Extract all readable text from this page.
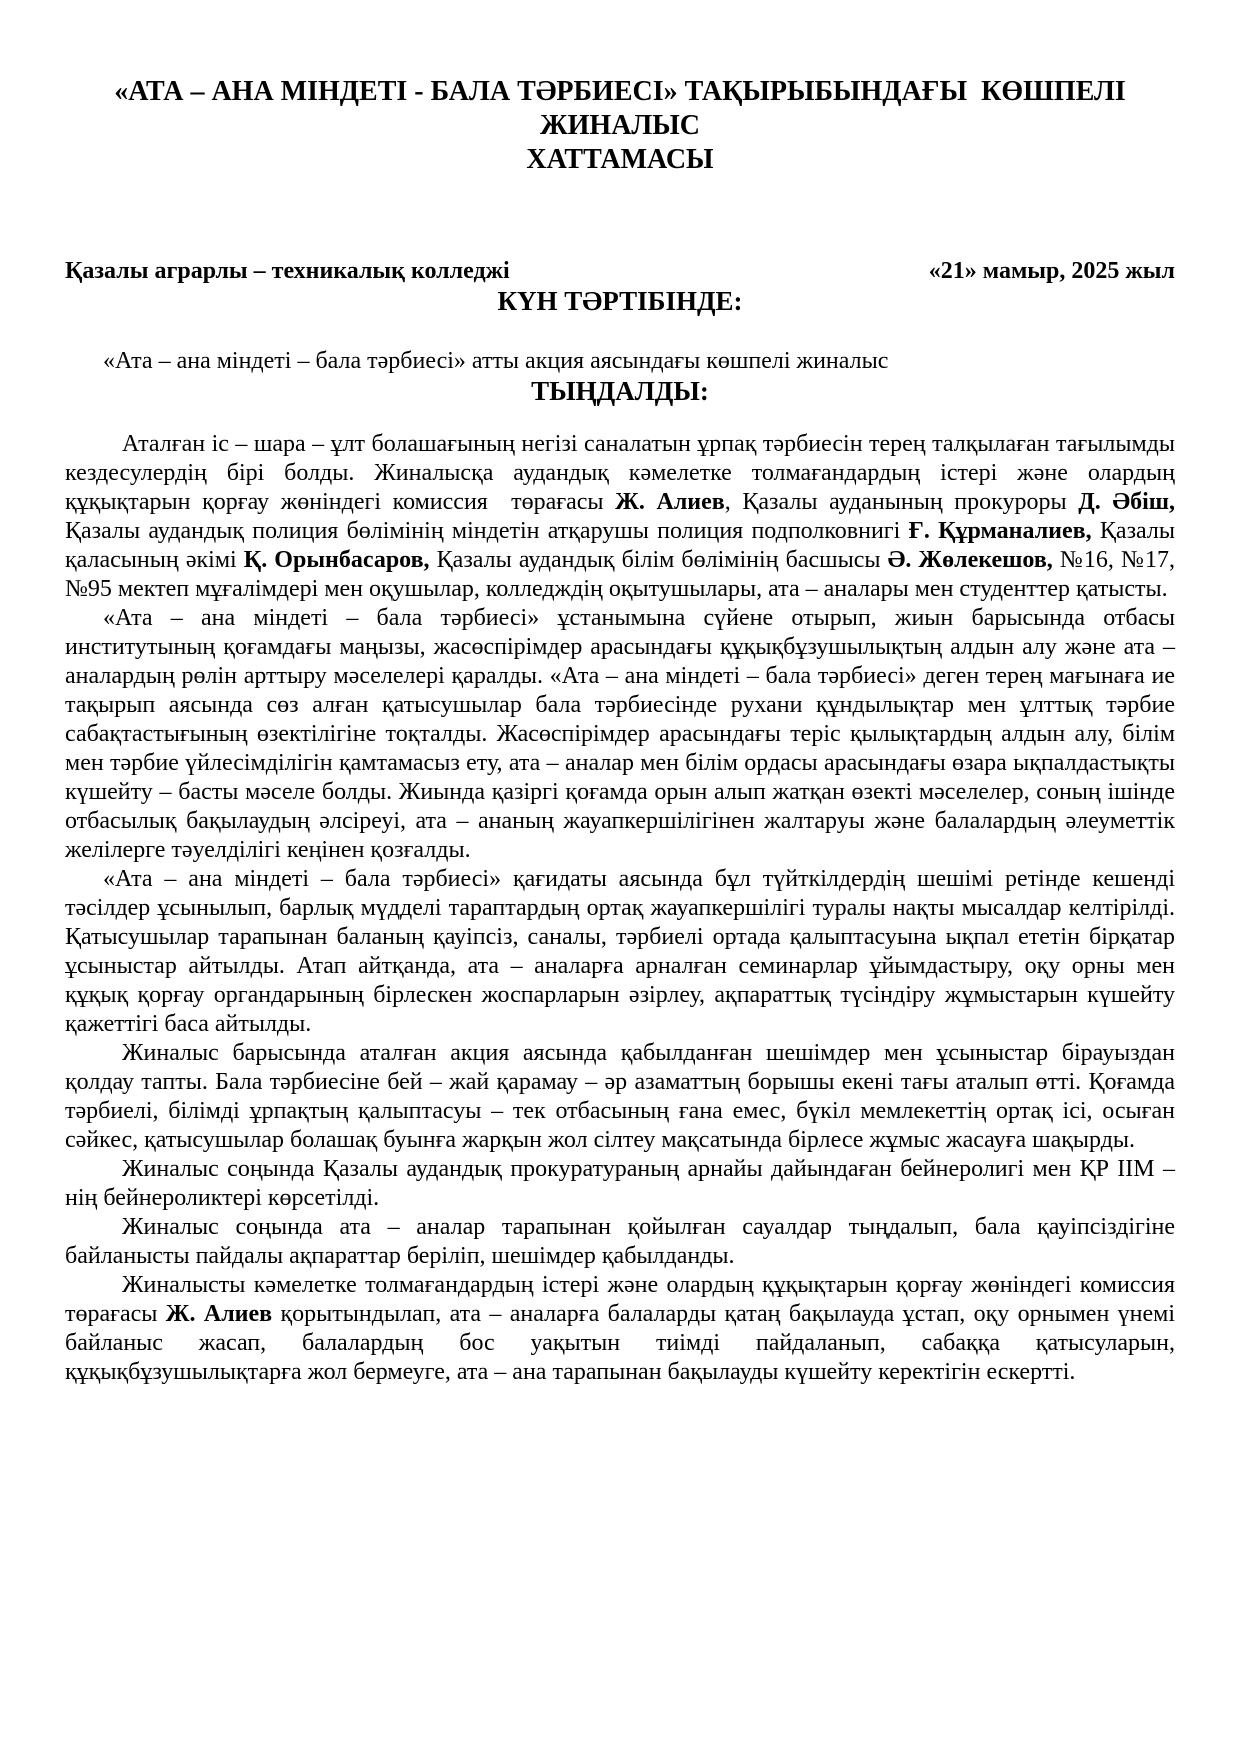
«АТА – АНА МІНДЕТІ - БАЛА ТӘРБИЕСІ» ТАҚЫРЫБЫНДАҒЫ  КӨШПЕЛІ ЖИНАЛЫС
ХАТТАМАСЫ
Қазалы аграрлы – техникалық колледжі	«21» мамыр, 2025 жыл
КҮН ТӘРТІБІНДЕ:

«Ата – ана міндеті – бала тәрбиесі» атты акция аясындағы көшпелі жиналыс

ТЫҢДАЛДЫ:

Аталған іс – шара – ұлт болашағының негізі саналатын ұрпақ тәрбиесін терең талқылаған тағылымды кездесулердің бірі болды. Жиналысқа аудандық кәмелетке толмағандардың істері және олардың құқықтарын қорғау жөніндегі комиссия  төрағасы Ж. Алиев, Қазалы ауданының прокуроры Д. Әбіш,  Қазалы аудандық полиция бөлімінің міндетін атқарушы полиция подполковнигі Ғ. Құрманалиев, Қазалы қаласының әкімі Қ. Орынбасаров, Қазалы аудандық білім бөлімінің басшысы Ә. Жөлекешов, №16, №17, №95 мектеп мұғалімдері мен оқушылар, колледждің оқытушылары, ата – аналары мен студенттер қатысты.

«Ата – ана міндеті – бала тәрбиесі» ұстанымына сүйене отырып, жиын барысында отбасы институтының қоғамдағы маңызы, жасөспірімдер арасындағы құқықбұзушылықтың алдын алу және ата – аналардың рөлін арттыру мәселелері қаралды. «Ата – ана міндеті – бала тәрбиесі» деген терең мағынаға ие тақырып аясында сөз алған қатысушылар бала тәрбиесінде рухани құндылықтар мен ұлттық тәрбие сабақтастығының өзектілігіне тоқталды. Жасөспірімдер арасындағы теріс қылықтардың алдын алу, білім мен тәрбие үйлесімділігін қамтамасыз ету, ата – аналар мен білім ордасы арасындағы өзара ықпалдастықты күшейту – басты мәселе болды. Жиында қазіргі қоғамда орын алып жатқан өзекті мәселелер, соның ішінде отбасылық бақылаудың әлсіреуі, ата – ананың жауапкершілігінен жалтаруы және балалардың әлеуметтік желілерге тәуелділігі кеңінен қозғалды.

«Ата – ана міндеті – бала тәрбиесі» қағидаты аясында бұл түйткілдердің шешімі ретінде кешенді тәсілдер ұсынылып, барлық мүдделі тараптардың ортақ жауапкершілігі туралы нақты мысалдар келтірілді. Қатысушылар тарапынан баланың қауіпсіз, саналы, тәрбиелі ортада қалыптасуына ықпал ететін бірқатар ұсыныстар айтылды. Атап айтқанда, ата – аналарға арналған семинарлар ұйымдастыру, оқу орны мен құқық қорғау органдарының бірлескен жоспарларын әзірлеу, ақпараттық түсіндіру жұмыстарын күшейту қажеттігі баса айтылды.

Жиналыс барысында аталған акция аясында қабылданған шешімдер мен ұсыныстар бірауыздан қолдау тапты. Бала тәрбиесіне бей – жай қарамау – әр азаматтың борышы екені тағы аталып өтті. Қоғамда тәрбиелі, білімді ұрпақтың қалыптасуы – тек отбасының ғана емес, бүкіл мемлекеттің ортақ ісі, осыған сәйкес, қатысушылар болашақ буынға жарқын жол сілтеу мақсатында бірлесе жұмыс жасауға шақырды.

Жиналыс соңында Қазалы аудандық прокуратураның арнайы дайындаған бейнеролигі мен ҚР ІІМ – нің бейнероликтері көрсетілді.

Жиналыс соңында ата – аналар тарапынан қойылған сауалдар тыңдалып, бала қауіпсіздігіне байланысты пайдалы ақпараттар беріліп, шешімдер қабылданды.

Жиналысты кәмелетке толмағандардың істері және олардың құқықтарын қорғау жөніндегі комиссия  төрағасы Ж. Алиев қорытындылап, ата – аналарға балаларды қатаң бақылауда ұстап, оқу орнымен үнемі байланыс жасап, балалардың бос уақытын тиімді пайдаланып, сабаққа қатысуларын, құқықбұзушылықтарға жол бермеуге, ата – ана тарапынан бақылауды күшейту керектігін ескертті.
